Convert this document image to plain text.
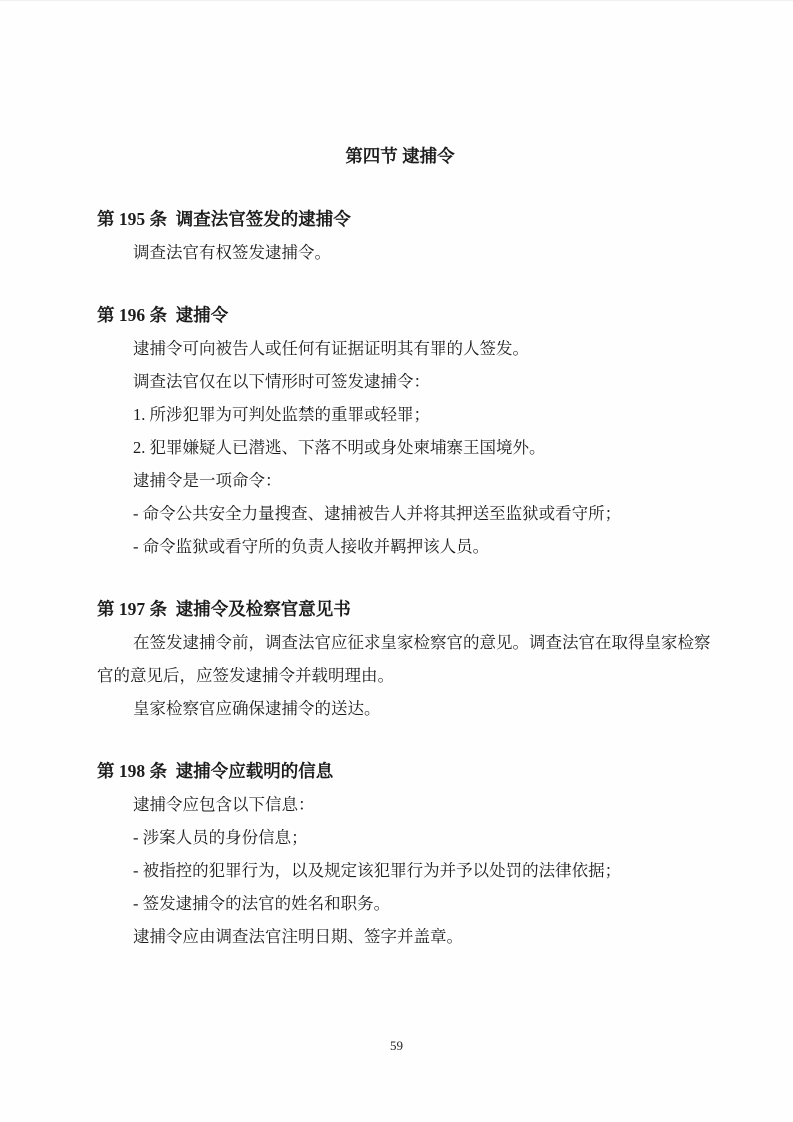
第四节 逮捕令

第 195 条  调查法官签发的逮捕令

调查法官有权签发逮捕令。

第 196 条  逮捕令

逮捕令可向被告人或任何有证据证明其有罪的人签发。

调查法官仅在以下情形时可签发逮捕令：

1. 所涉犯罪为可判处监禁的重罪或轻罪；

2. 犯罪嫌疑人已潜逃、下落不明或身处柬埔寨王国境外。

逮捕令是一项命令：

- 命令公共安全力量搜查、逮捕被告人并将其押送至监狱或看守所；

- 命令监狱或看守所的负责人接收并羁押该人员。

第 197 条  逮捕令及检察官意见书

在签发逮捕令前，调查法官应征求皇家检察官的意见。调查法官在取得皇家检察

官的意见后，应签发逮捕令并载明理由。

皇家检察官应确保逮捕令的送达。

第 198 条  逮捕令应载明的信息

逮捕令应包含以下信息：

- 涉案人员的身份信息；

- 被指控的犯罪行为，以及规定该犯罪行为并予以处罚的法律依据；

- 签发逮捕令的法官的姓名和职务。

逮捕令应由调查法官注明日期、签字并盖章。

59
